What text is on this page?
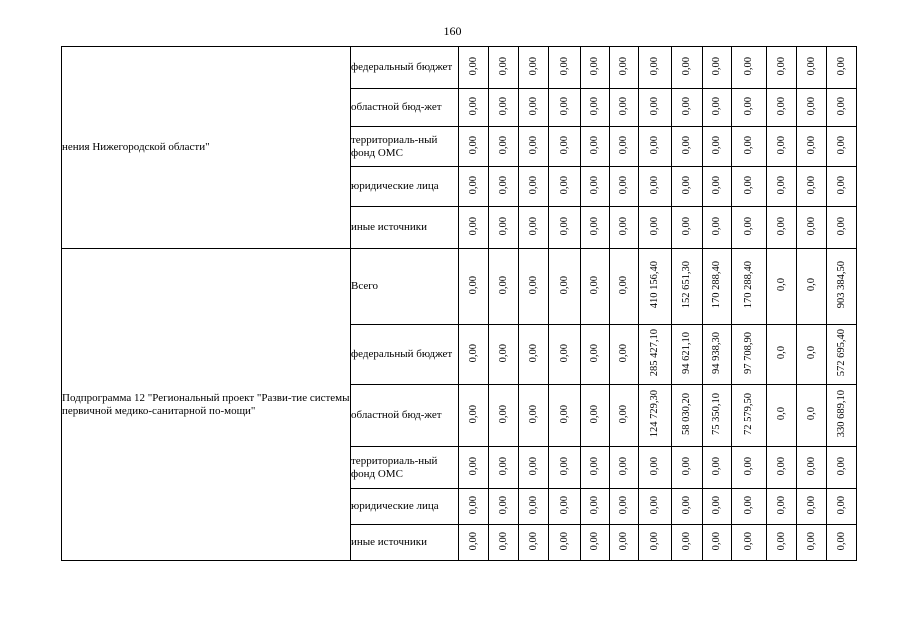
160
нения Нижегородской области"	федеральный бюджет	0,00	0,00	0,00	0,00	0,00	0,00	0,00	0,00	0,00	0,00	0,00	0,00	0,00
	областной бюд-жет	0,00	0,00	0,00	0,00	0,00	0,00	0,00	0,00	0,00	0,00	0,00	0,00	0,00
	территориаль-ный фонд ОМС	0,00	0,00	0,00	0,00	0,00	0,00	0,00	0,00	0,00	0,00	0,00	0,00	0,00
	юридические лица	0,00	0,00	0,00	0,00	0,00	0,00	0,00	0,00	0,00	0,00	0,00	0,00	0,00
	иные источники	0,00	0,00	0,00	0,00	0,00	0,00	0,00	0,00	0,00	0,00	0,00	0,00	0,00
Подпрограмма 12 "Региональный проект "Разви-тие системы первичной медико-санитарной по-мощи"	Всего	0,00	0,00	0,00	0,00	0,00	0,00	410 156,40	152 651,30	170 288,40	170 288,40	0,0	0,0	903 384,50
	федеральный бюджет	0,00	0,00	0,00	0,00	0,00	0,00	285 427,10	94 621,10	94 938,30	97 708,90	0,0	0,0	572 695,40
	областной бюд-жет	0,00	0,00	0,00	0,00	0,00	0,00	124 729,30	58 030,20	75 350,10	72 579,50	0,0	0,0	330 689,10
	территориаль-ный фонд ОМС	0,00	0,00	0,00	0,00	0,00	0,00	0,00	0,00	0,00	0,00	0,00	0,00	0,00
	юридические лица	0,00	0,00	0,00	0,00	0,00	0,00	0,00	0,00	0,00	0,00	0,00	0,00	0,00
	иные источники	0,00	0,00	0,00	0,00	0,00	0,00	0,00	0,00	0,00	0,00	0,00	0,00	0,00
